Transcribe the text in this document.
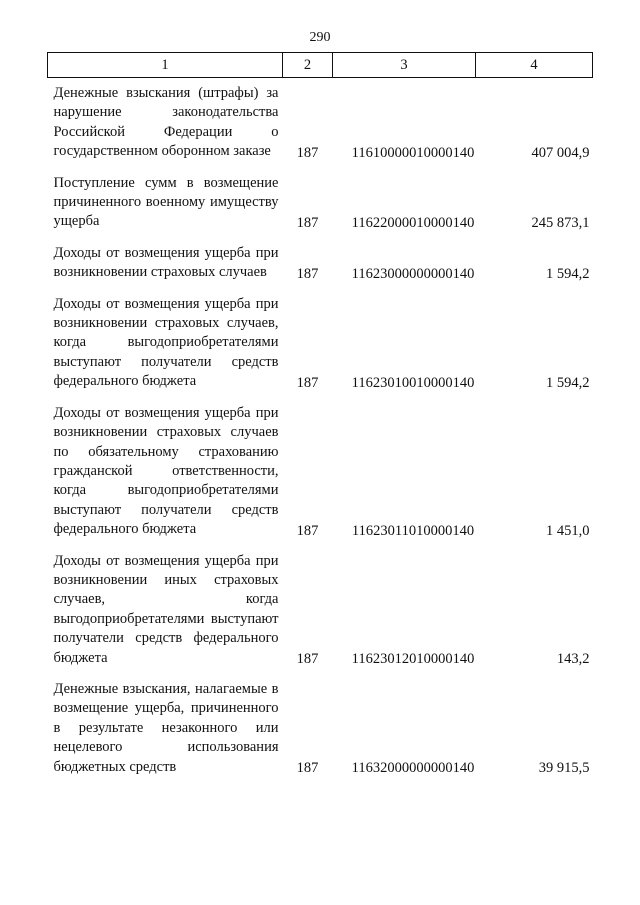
290
1	2	3	4
Денежные взыскания (штрафы) за нарушение законодательства Российской Федерации о государственном оборонном заказе	187	11610000010000140	407 004,9
Поступление сумм в возмещение причиненного военному имуществу ущерба	187	11622000010000140	245 873,1
Доходы от возмещения ущерба при возникновении страховых случаев	187	11623000000000140	1 594,2
Доходы от возмещения ущерба при возникновении страховых случаев, когда выгодоприобретателями выступают получатели средств федерального бюджета	187	11623010010000140	1 594,2
Доходы от возмещения ущерба при возникновении страховых случаев по обязательному страхованию гражданской ответственности, когда выгодоприобретателями выступают получатели средств федерального бюджета	187	11623011010000140	1 451,0
Доходы от возмещения ущерба при возникновении иных страховых случаев, когда выгодоприобретателями выступают получатели средств федерального бюджета	187	11623012010000140	143,2
Денежные взыскания, налагаемые в возмещение ущерба, причиненного в результате незаконного или нецелевого использования бюджетных средств	187	11632000000000140	39 915,5
